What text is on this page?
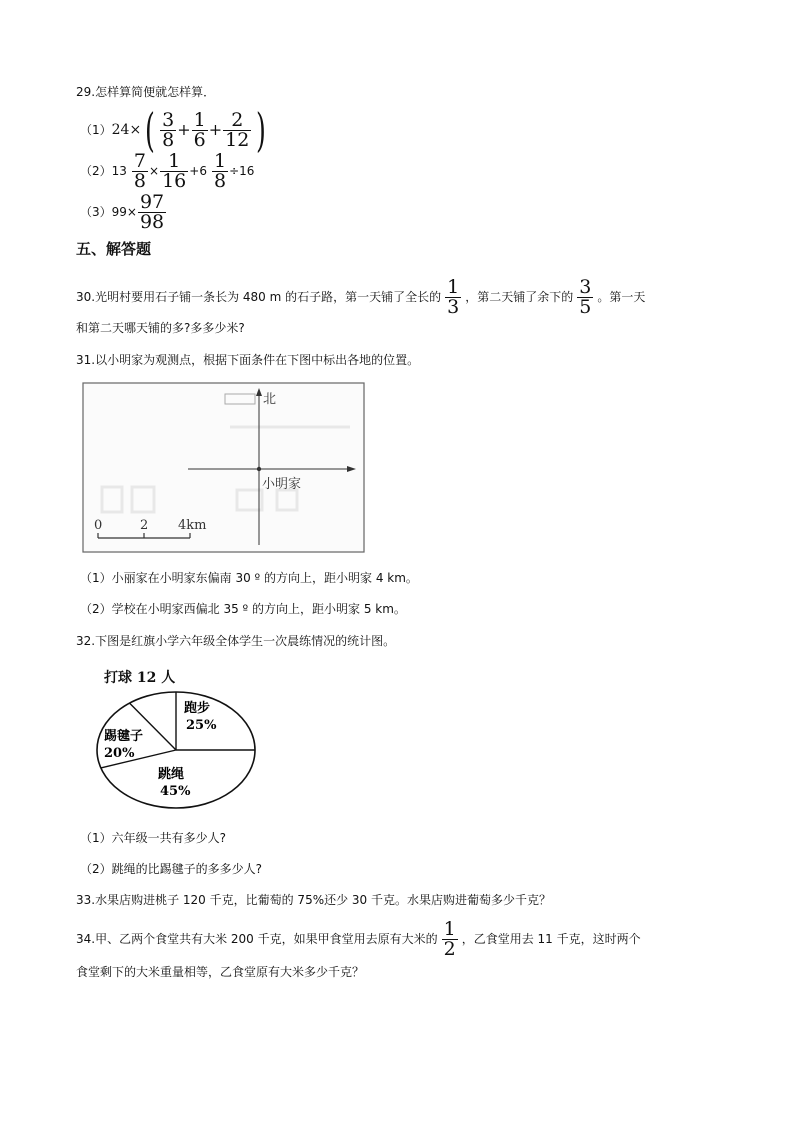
29.怎样算简便就怎样算．
（1） 24× ( $\frac{3}{8} + \frac{1}{6} + \frac{2}{12}$ )
（2） $13 \frac{7}{8} \times \frac{1}{16} +6 \frac{1}{8} \div 16$
（3） $99\times \frac{97}{98}$
五、解答题
30.光明村要用石子铺一条长为 480 m 的石子路，第一天铺了全长的 $\frac{1}{3}$ ，第二天铺了余下的 $\frac{3}{5}$ 。第一天
和第二天哪天铺的多?多多少米?
31.以小明家为观测点，根据下面条件在下图中标出各地的位置。
北
小明家
0	2 4km
（1）小丽家在小明家东偏南 30 º 的方向上，距小明家 4 km。
（2）学校在小明家西偏北 35 º 的方向上，距小明家 5 km。
32.下图是红旗小学六年级全体学生一次晨练情况的统计图。
跑步
25%
跳绳
45%
踢毽子
20%
打球 12 人
（1）六年级一共有多少人?
（2）跳绳的比踢毽子的多多少人?
33.水果店购进桃子 120 千克，比葡萄的 75%还少 30 千克。水果店购进葡萄多少千克？
34.甲、乙两个食堂共有大米 200 千克，如果甲食堂用去原有大米的 $\frac{1}{2}$ ，乙食堂用去 11 千克，这时两个
食堂剩下的大米重量相等，乙食堂原有大米多少千克？
